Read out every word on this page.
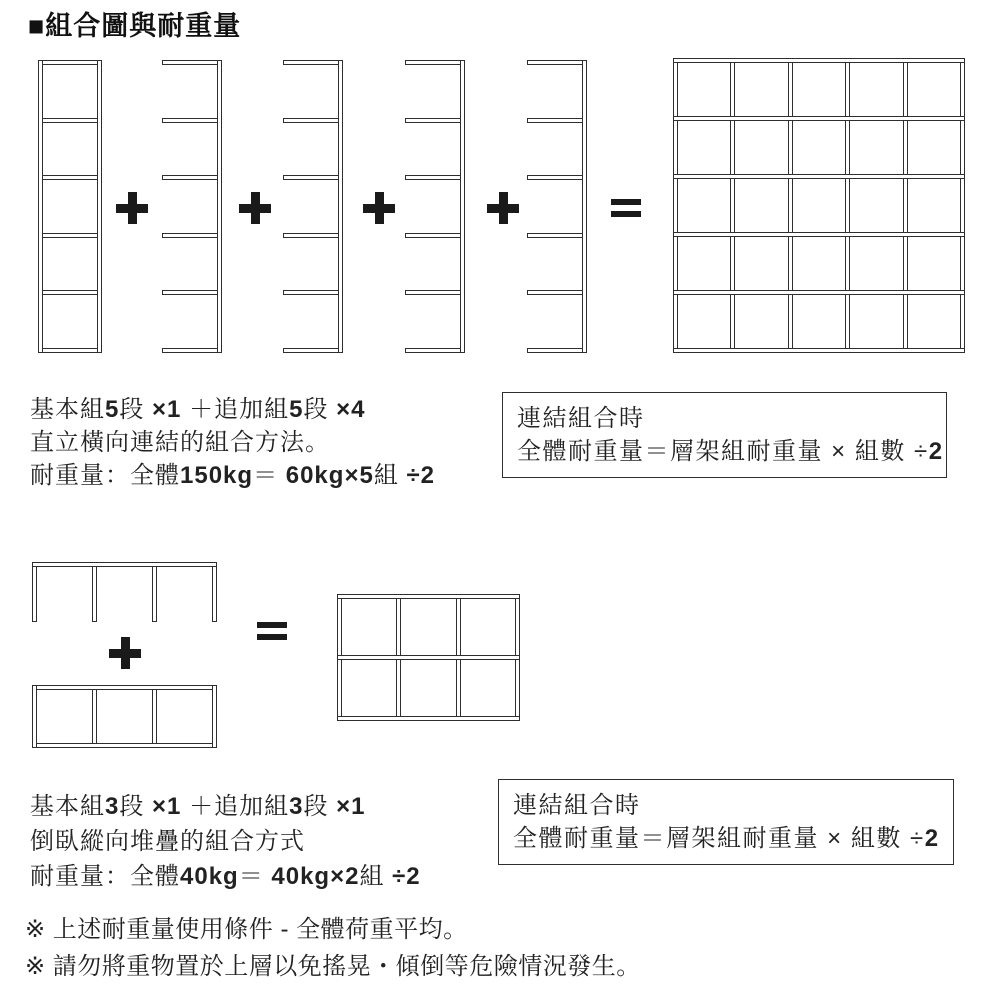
■組合圖與耐重量
基本組5段 ×1 ＋追加組5段 ×4
直立橫向連結的組合方法。
耐重量：全體150kg＝ 60kg×5組 ÷2
連結組合時
全體耐重量＝層架組耐重量 × 組數 ÷2
基本組3段 ×1 ＋追加組3段 ×1
倒臥縱向堆疊的組合方式
耐重量：全體40kg＝ 40kg×2組 ÷2
連結組合時
全體耐重量＝層架組耐重量 × 組數 ÷2
※ 上述耐重量使用條件 - 全體荷重平均。
※ 請勿將重物置於上層以免搖晃・傾倒等危險情況發生。
